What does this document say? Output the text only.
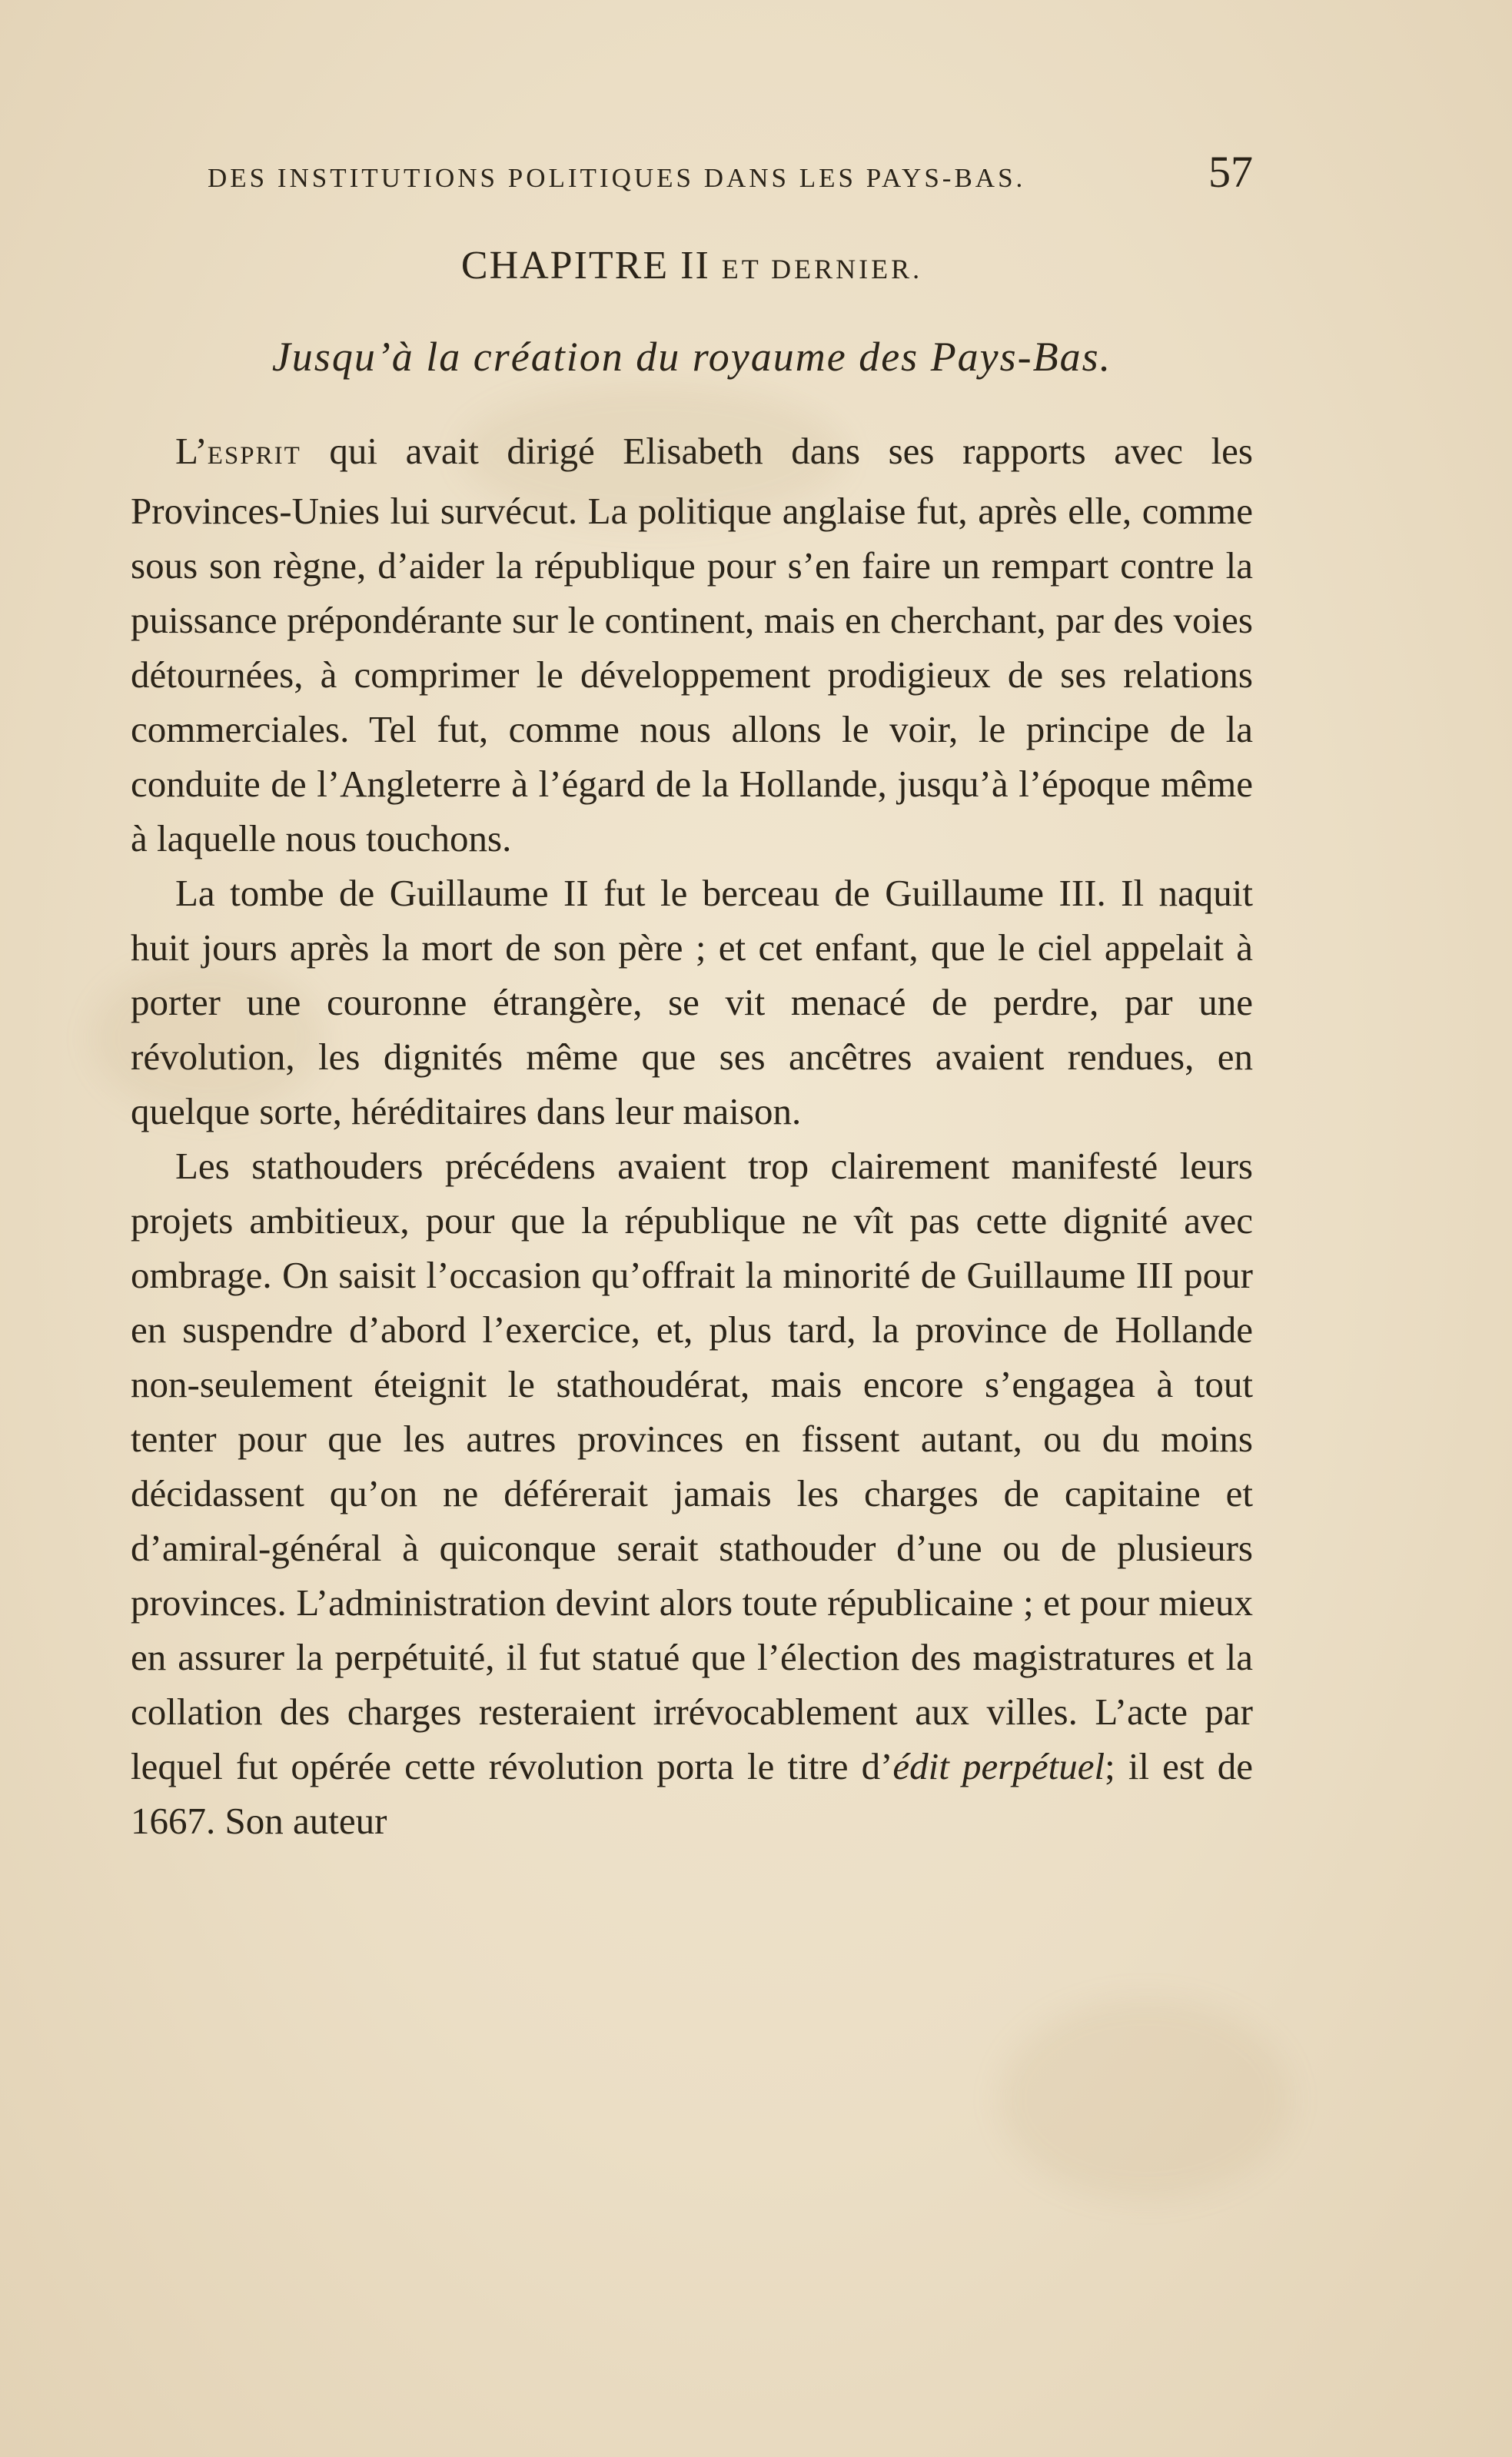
DES INSTITUTIONS POLITIQUES DANS LES PAYS-BAS.	57
CHAPITRE II ET DERNIER.
Jusqu’à la création du royaume des Pays-Bas.

L’ESPRIT qui avait dirigé Elisabeth dans ses rapports avec les Provinces-Unies lui survécut. La politique anglaise fut, après elle, comme sous son règne, d’aider la république pour s’en faire un rempart contre la puissance prépondérante sur le continent, mais en cherchant, par des voies détournées, à comprimer le développement prodigieux de ses relations commerciales. Tel fut, comme nous allons le voir, le principe de la conduite de l’Angleterre à l’égard de la Hollande, jusqu’à l’époque même à laquelle nous touchons.

La tombe de Guillaume II fut le berceau de Guillaume III. Il naquit huit jours après la mort de son père ; et cet enfant, que le ciel appelait à porter une couronne étrangère, se vit menacé de perdre, par une révolution, les dignités même que ses ancêtres avaient rendues, en quelque sorte, héréditaires dans leur maison.

Les stathouders précédens avaient trop clairement manifesté leurs projets ambitieux, pour que la république ne vît pas cette dignité avec ombrage. On saisit l’occasion qu’offrait la minorité de Guillaume III pour en suspendre d’abord l’exercice, et, plus tard, la province de Hollande non-seulement éteignit le stathoudérat, mais encore s’engagea à tout tenter pour que les autres provinces en fissent autant, ou du moins décidassent qu’on ne déférerait jamais les charges de capitaine et d’amiral-général à quiconque serait stathouder d’une ou de plusieurs provinces. L’administration devint alors toute républicaine ; et pour mieux en assurer la perpétuité, il fut statué que l’élection des magistratures et la collation des charges resteraient irrévocablement aux villes. L’acte par lequel fut opérée cette révolution porta le titre d’édit perpétuel; il est de 1667. Son auteur
